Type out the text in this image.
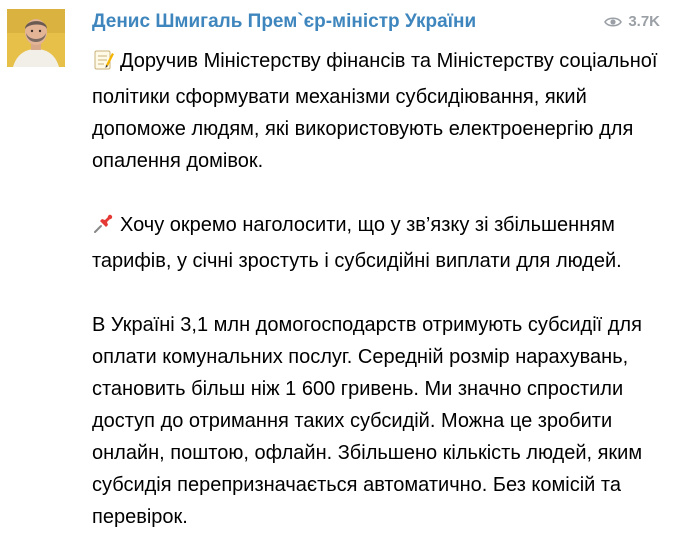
Денис Шмигаль Прем`єр-міністр України	3.7K

Доручив Міністерству фінансів та Міністерству соціальної
політики сформувати механізми субсидіювання, який
допоможе людям, які використовують електроенергію для
опалення домівок.

Хочу окремо наголосити, що у зв’язку зі збільшенням
тарифів, у січні зростуть і субсидійні виплати для людей.

В Україні 3,1 млн домогосподарств отримують субсидії для
оплати комунальних послуг. Середній розмір нарахувань,
становить більш ніж 1 600 гривень. Ми значно спростили
доступ до отримання таких субсидій. Можна це зробити
онлайн, поштою, офлайн. Збільшено кількість людей, яким
субсидія перепризначається автоматично. Без комісій та
перевірок.
